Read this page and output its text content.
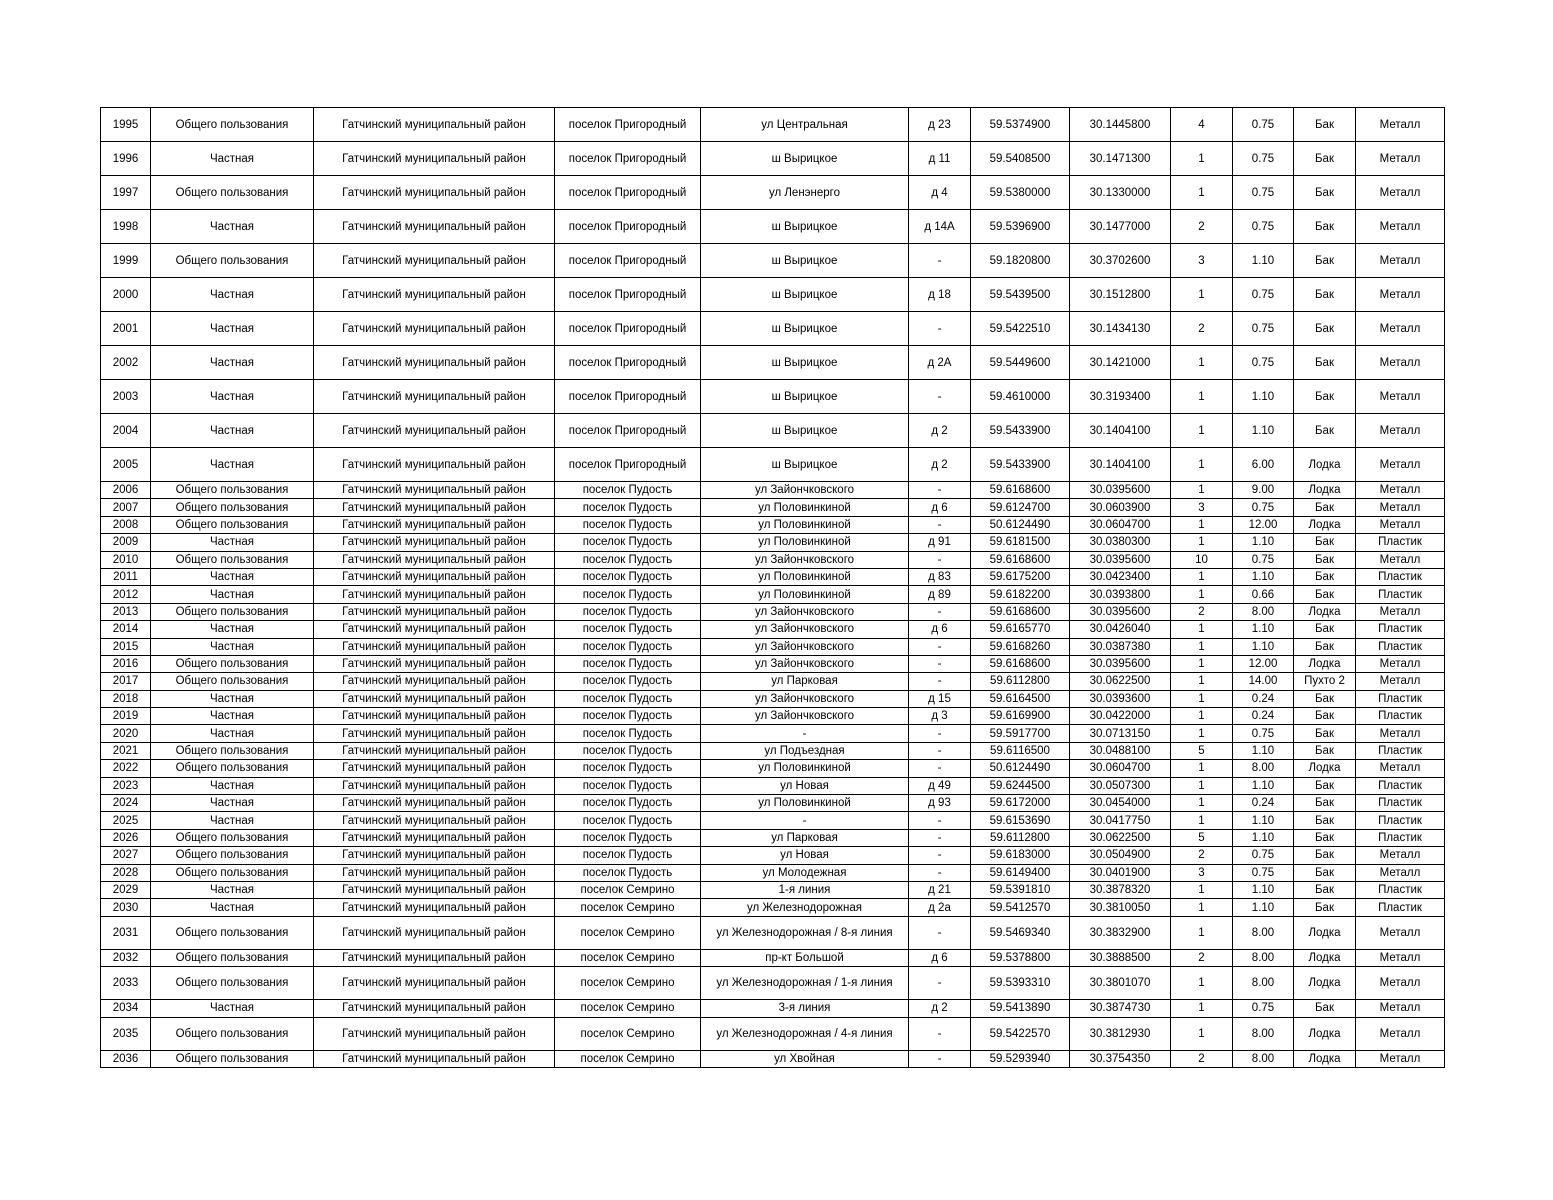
1995	Общего пользования	Гатчинский муниципальный район	поселок Пригородный	ул Центральная	д 23	59.5374900	30.1445800	4	0.75	Бак	Металл
1996	Частная	Гатчинский муниципальный район	поселок Пригородный	ш Вырицкое	д 11	59.5408500	30.1471300	1	0.75	Бак	Металл
1997	Общего пользования	Гатчинский муниципальный район	поселок Пригородный	ул Ленэнерго	д 4	59.5380000	30.1330000	1	0.75	Бак	Металл
1998	Частная	Гатчинский муниципальный район	поселок Пригородный	ш Вырицкое	д 14А	59.5396900	30.1477000	2	0.75	Бак	Металл
1999	Общего пользования	Гатчинский муниципальный район	поселок Пригородный	ш Вырицкое	-	59.1820800	30.3702600	3	1.10	Бак	Металл
2000	Частная	Гатчинский муниципальный район	поселок Пригородный	ш Вырицкое	д 18	59.5439500	30.1512800	1	0.75	Бак	Металл
2001	Частная	Гатчинский муниципальный район	поселок Пригородный	ш Вырицкое	-	59.5422510	30.1434130	2	0.75	Бак	Металл
2002	Частная	Гатчинский муниципальный район	поселок Пригородный	ш Вырицкое	д 2А	59.5449600	30.1421000	1	0.75	Бак	Металл
2003	Частная	Гатчинский муниципальный район	поселок Пригородный	ш Вырицкое	-	59.4610000	30.3193400	1	1.10	Бак	Металл
2004	Частная	Гатчинский муниципальный район	поселок Пригородный	ш Вырицкое	д 2	59.5433900	30.1404100	1	1.10	Бак	Металл
2005	Частная	Гатчинский муниципальный район	поселок Пригородный	ш Вырицкое	д 2	59.5433900	30.1404100	1	6.00	Лодка	Металл
2006	Общего пользования	Гатчинский муниципальный район	поселок Пудость	ул Зайончковского	-	59.6168600	30.0395600	1	9.00	Лодка	Металл
2007	Общего пользования	Гатчинский муниципальный район	поселок Пудость	ул Половинкиной	д 6	59.6124700	30.0603900	3	0.75	Бак	Металл
2008	Общего пользования	Гатчинский муниципальный район	поселок Пудость	ул Половинкиной	-	50.6124490	30.0604700	1	12.00	Лодка	Металл
2009	Частная	Гатчинский муниципальный район	поселок Пудость	ул Половинкиной	д 91	59.6181500	30.0380300	1	1.10	Бак	Пластик
2010	Общего пользования	Гатчинский муниципальный район	поселок Пудость	ул Зайончковского	-	59.6168600	30.0395600	10	0.75	Бак	Металл
2011	Частная	Гатчинский муниципальный район	поселок Пудость	ул Половинкиной	д 83	59.6175200	30.0423400	1	1.10	Бак	Пластик
2012	Частная	Гатчинский муниципальный район	поселок Пудость	ул Половинкиной	д 89	59.6182200	30.0393800	1	0.66	Бак	Пластик
2013	Общего пользования	Гатчинский муниципальный район	поселок Пудость	ул Зайончковского	-	59.6168600	30.0395600	2	8.00	Лодка	Металл
2014	Частная	Гатчинский муниципальный район	поселок Пудость	ул Зайончковского	д 6	59.6165770	30.0426040	1	1.10	Бак	Пластик
2015	Частная	Гатчинский муниципальный район	поселок Пудость	ул Зайончковского	-	59.6168260	30.0387380	1	1.10	Бак	Пластик
2016	Общего пользования	Гатчинский муниципальный район	поселок Пудость	ул Зайончковского	-	59.6168600	30.0395600	1	12.00	Лодка	Металл
2017	Общего пользования	Гатчинский муниципальный район	поселок Пудость	ул Парковая	-	59.6112800	30.0622500	1	14.00	Пухто 2	Металл
2018	Частная	Гатчинский муниципальный район	поселок Пудость	ул Зайончковского	д 15	59.6164500	30.0393600	1	0.24	Бак	Пластик
2019	Частная	Гатчинский муниципальный район	поселок Пудость	ул Зайончковского	д 3	59.6169900	30.0422000	1	0.24	Бак	Пластик
2020	Частная	Гатчинский муниципальный район	поселок Пудость	-	-	59.5917700	30.0713150	1	0.75	Бак	Металл
2021	Общего пользования	Гатчинский муниципальный район	поселок Пудость	ул Подъездная	-	59.6116500	30.0488100	5	1.10	Бак	Пластик
2022	Общего пользования	Гатчинский муниципальный район	поселок Пудость	ул Половинкиной	-	50.6124490	30.0604700	1	8.00	Лодка	Металл
2023	Частная	Гатчинский муниципальный район	поселок Пудость	ул Новая	д 49	59.6244500	30.0507300	1	1.10	Бак	Пластик
2024	Частная	Гатчинский муниципальный район	поселок Пудость	ул Половинкиной	д 93	59.6172000	30.0454000	1	0.24	Бак	Пластик
2025	Частная	Гатчинский муниципальный район	поселок Пудость	-	-	59.6153690	30.0417750	1	1.10	Бак	Пластик
2026	Общего пользования	Гатчинский муниципальный район	поселок Пудость	ул Парковая	-	59.6112800	30.0622500	5	1.10	Бак	Пластик
2027	Общего пользования	Гатчинский муниципальный район	поселок Пудость	ул Новая	-	59.6183000	30.0504900	2	0.75	Бак	Металл
2028	Общего пользования	Гатчинский муниципальный район	поселок Пудость	ул Молодежная	-	59.6149400	30.0401900	3	0.75	Бак	Металл
2029	Частная	Гатчинский муниципальный район	поселок Семрино	1-я линия	д 21	59.5391810	30.3878320	1	1.10	Бак	Пластик
2030	Частная	Гатчинский муниципальный район	поселок Семрино	ул Железнодорожная	д 2а	59.5412570	30.3810050	1	1.10	Бак	Пластик
2031	Общего пользования	Гатчинский муниципальный район	поселок Семрино	ул Железнодорожная / 8-я линия	-	59.5469340	30.3832900	1	8.00	Лодка	Металл
2032	Общего пользования	Гатчинский муниципальный район	поселок Семрино	пр-кт Большой	д 6	59.5378800	30.3888500	2	8.00	Лодка	Металл
2033	Общего пользования	Гатчинский муниципальный район	поселок Семрино	ул Железнодорожная / 1-я линия	-	59.5393310	30.3801070	1	8.00	Лодка	Металл
2034	Частная	Гатчинский муниципальный район	поселок Семрино	3-я линия	д 2	59.5413890	30.3874730	1	0.75	Бак	Металл
2035	Общего пользования	Гатчинский муниципальный район	поселок Семрино	ул Железнодорожная / 4-я линия	-	59.5422570	30.3812930	1	8.00	Лодка	Металл
2036	Общего пользования	Гатчинский муниципальный район	поселок Семрино	ул Хвойная	-	59.5293940	30.3754350	2	8.00	Лодка	Металл
